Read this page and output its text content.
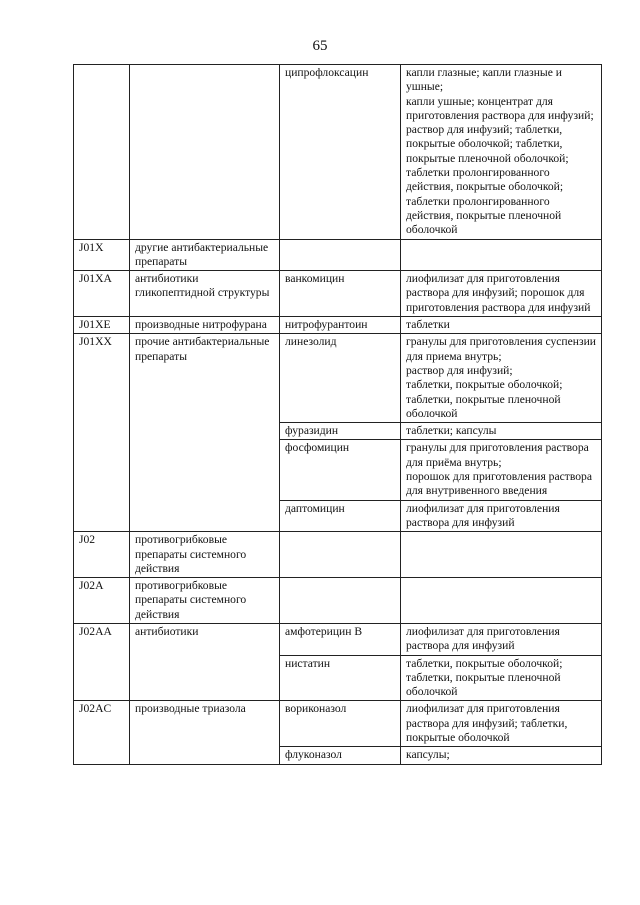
65
		ципрофлоксацин	капли глазные; капли глазные и ушные;
капли ушные; концентрат для приготовления раствора для инфузий;
раствор для инфузий; таблетки, покрытые оболочкой; таблетки, покрытые пленочной оболочкой;
таблетки пролонгированного действия, покрытые оболочкой;
таблетки пролонгированного действия, покрытые пленочной оболочкой

J01X	другие антибактериальные препараты		
J01XA	антибиотики гликопептидной структуры	ванкомицин	лиофилизат для приготовления раствора для инфузий; порошок для приготовления раствора для инфузий

J01XE	производные нитрофурана	нитрофурантоин	таблетки

J01XX	прочие антибактериальные препараты	линезолид	гранулы для приготовления суспензии для приема внутрь;
раствор для инфузий;
таблетки, покрытые оболочкой;
таблетки, покрытые пленочной оболочкой

		фуразидин	таблетки; капсулы

		фосфомицин	гранулы для приготовления раствора для приёма внутрь;
порошок для приготовления раствора для внутривенного введения

		даптомицин	лиофилизат для приготовления раствора для инфузий

J02	противогрибковые препараты системного действия		
J02A	противогрибковые препараты системного действия		
J02AA	антибиотики	амфотерицин В	лиофилизат для приготовления раствора для инфузий

		нистатин	таблетки, покрытые оболочкой;
таблетки, покрытые пленочной оболочкой

J02AC	производные триазола	вориконазол	лиофилизат для приготовления раствора для инфузий; таблетки, покрытые оболочкой

		флуконазол	капсулы;
